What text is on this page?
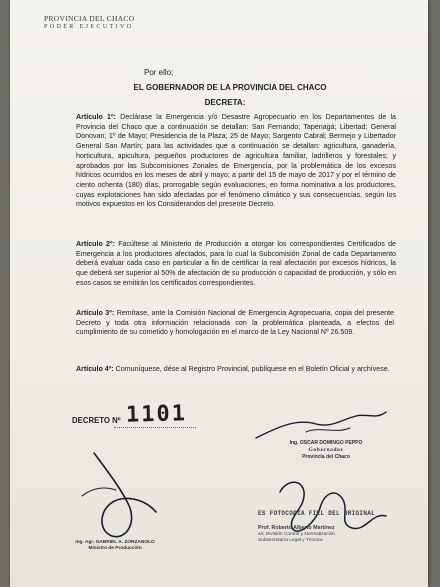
PROVINCIA DEL CHACO
PODER EJECUTIVO
Por ello;
EL GOBERNADOR DE LA PROVINCIA DEL CHACO
DECRETA:
Artículo 1º: Declárase la Emergencia y/o Desastre Agropecuario en los Departamentos de la Provincia del Chaco que a continuación se detallan: San Fernando; Tapenagá; Libertad; General Donovan; 1º de Mayo; Presidencia de la Plaza; 25 de Mayo; Sargento Cabral; Bermejo y Libertador General San Martín; para las actividades que a continuación se detallan: agricultura, ganadería, horticultura, apicultura, pequeños productores de agricultura familiar, ladrilleros y forestales; y aprobados por las Subcomisiones Zonales de Emergencia, por la problemática de los excesos hídricos ocurridos en los meses de abril y mayo; a partir del 15 de mayo de 2017 y por el término de ciento ochenta (180) días, prorrogable según evaluaciones, en forma nominativa a los productores, cuyas explotaciones han sido afectadas por el fenómeno climático y sus consecuencias, según los motivos expuestos en los Considerandos del presente Decreto.
Artículo 2º: Facúltese al Ministerio de Producción a otorgar los correspondientes Certificados de Emergencia a los productores afectados, para lo cual la Subcomisión Zonal de cada Departamento deberá evaluar cada caso en particular a fin de certificar la real afectación por excesos hídricos, la que deberá ser superior al 50% de afectación de su producción o capacidad de producción, y sólo en esos casos se emitirán los certificados correspondientes.
Artículo 3º: Remítase, ante la Comisión Nacional de Emergencia Agropecuaria, copia del presente Decreto y toda otra información relacionada con la problemática planteada, a efectos del cumplimiento de su cometido y homologación en el marco de la Ley Nacional Nº 26.509.
Artículo 4º: Comuníquese, dése al Registro Provincial, publíquese en el Boletín Oficial y archívese.
DECRETO Nº 1101
Ing. OSCAR DOMINGO PEPPO
Gobernador
Provincia del Chaco
Ing. Agr. GABRIEL A. ZORZANOLO
Ministro de Producción
ES FOTOCOPIA FIEL DEL ORIGINAL
Prof. Roberto Alberto Martínez
a/c División Control y Normatización
Subsecretaría Legal y Técnica
